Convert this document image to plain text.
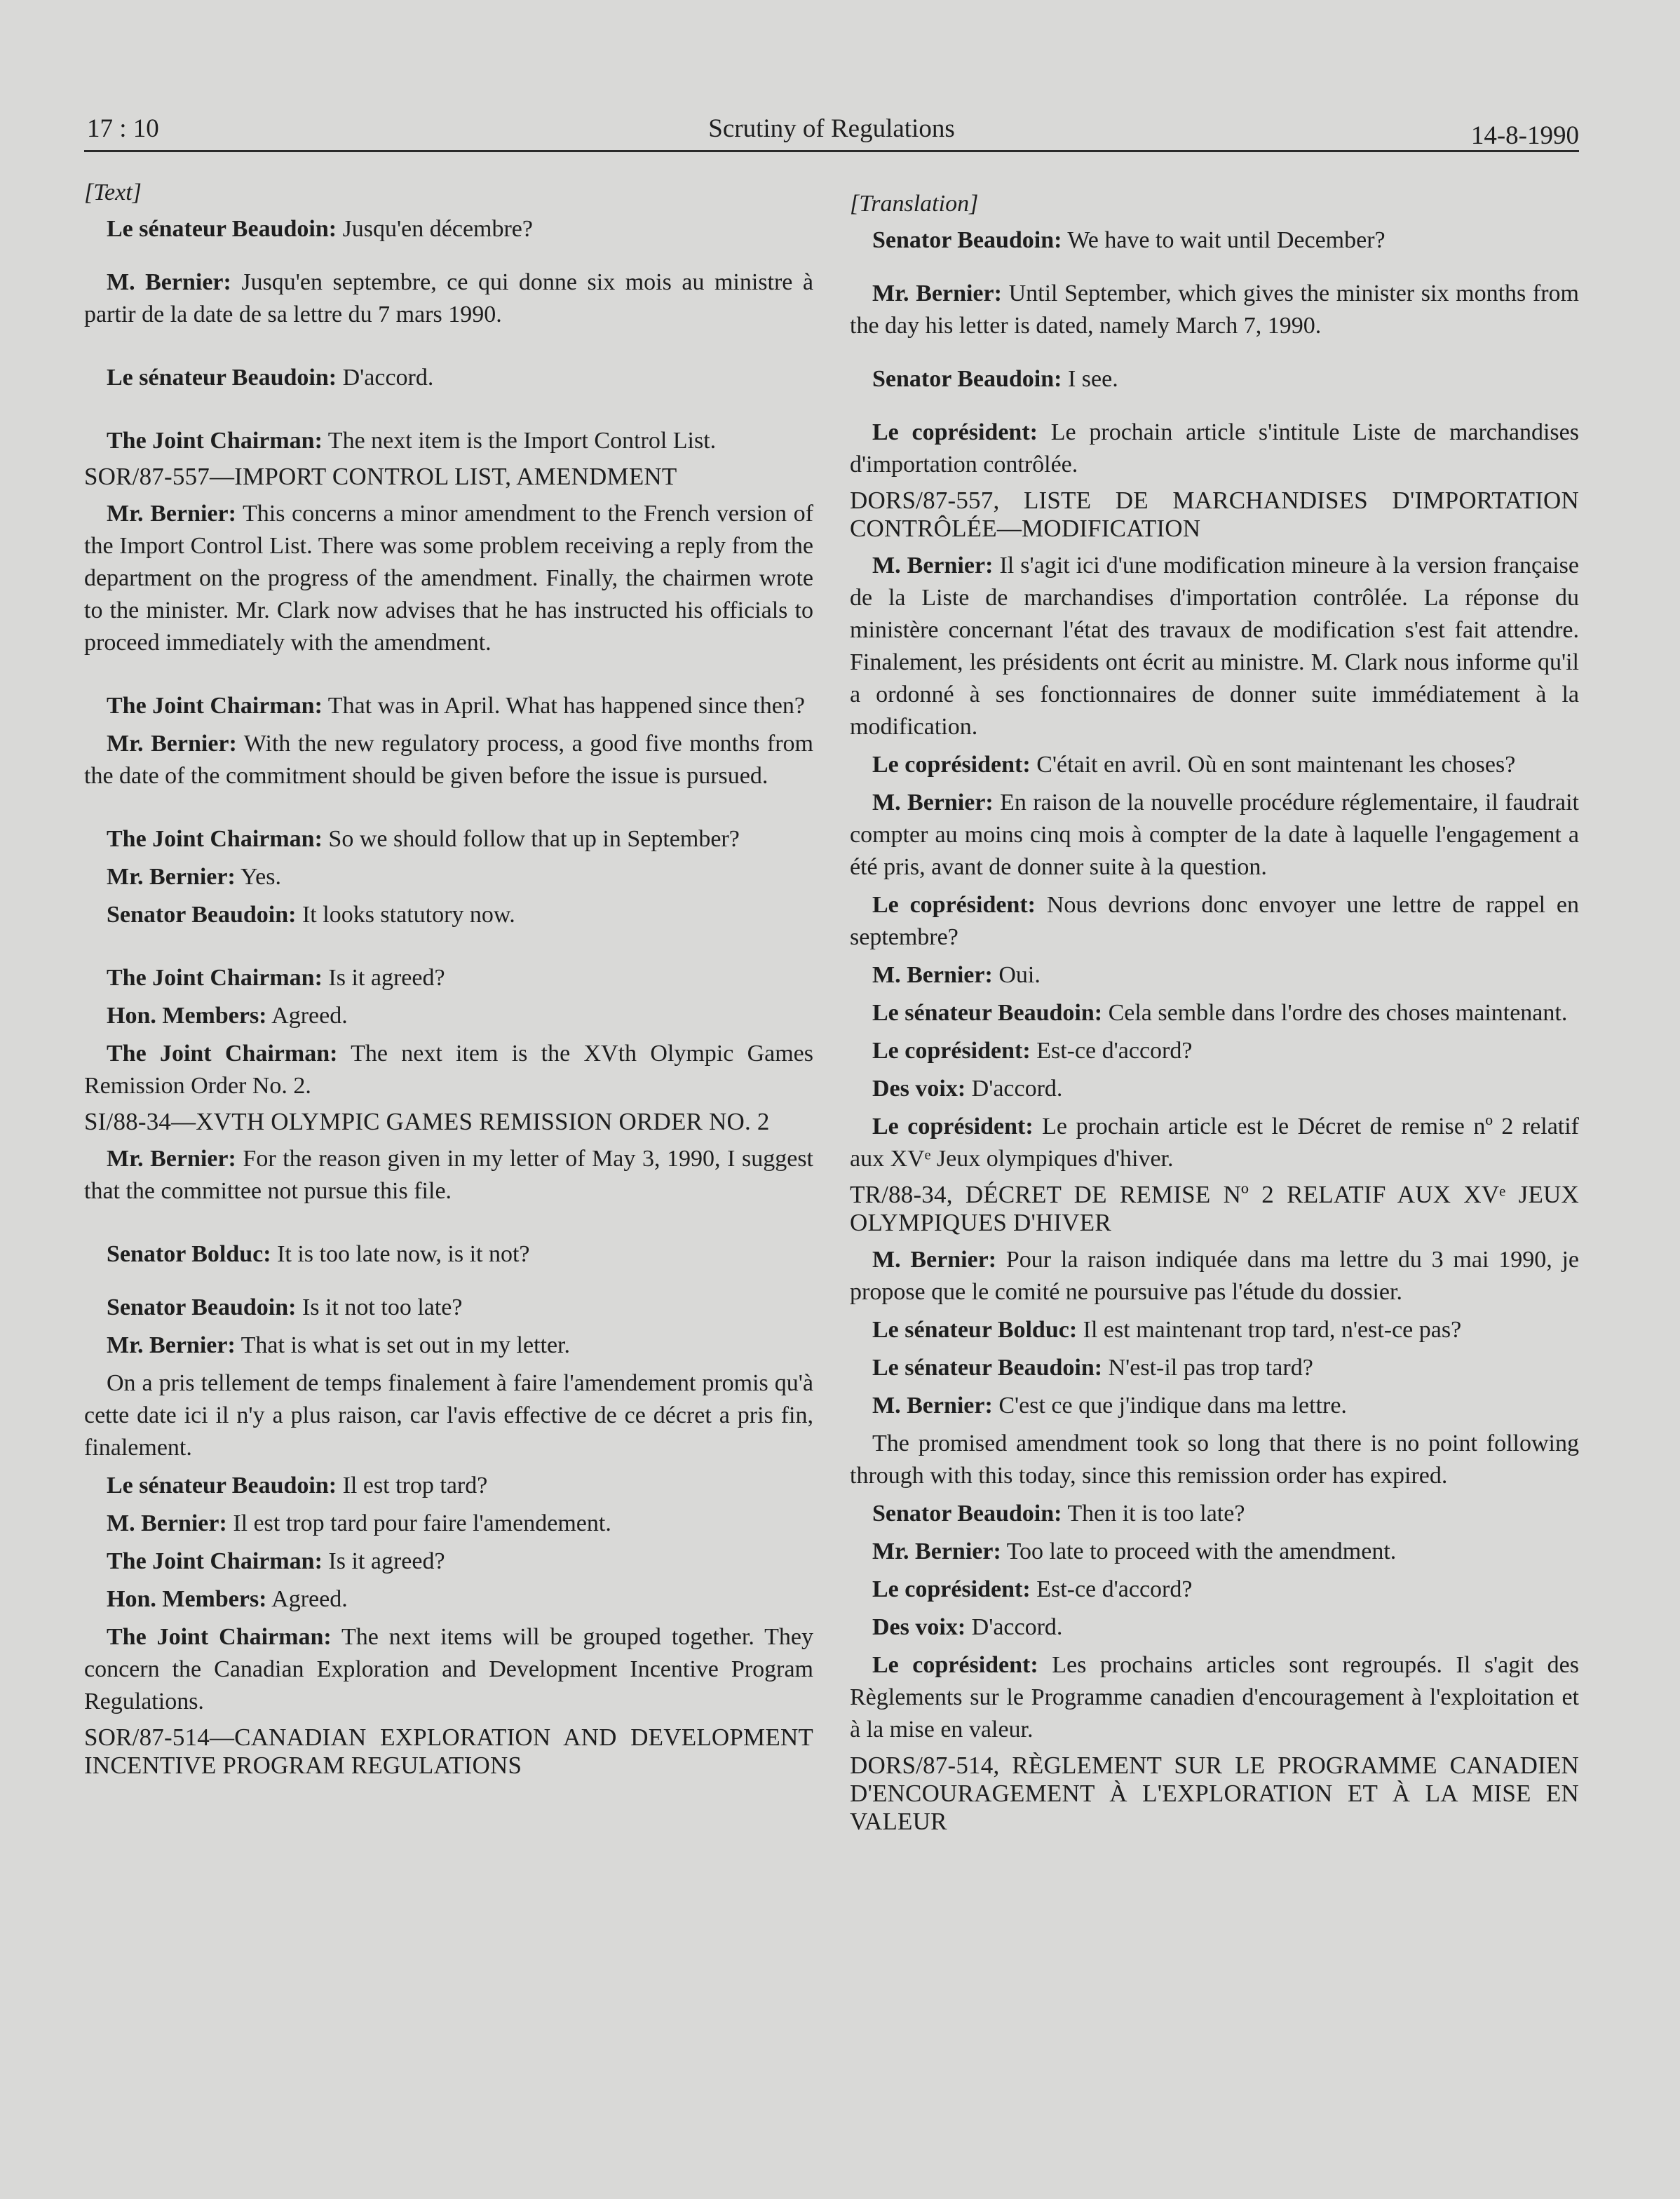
17 : 10	Scrutiny of Regulations	14-8-1990
[Text]

Le sénateur Beaudoin: Jusqu'en décembre?

M. Bernier: Jusqu'en septembre, ce qui donne six mois au ministre à partir de la date de sa lettre du 7 mars 1990.

Le sénateur Beaudoin: D'accord.

The Joint Chairman: The next item is the Import Control List.

SOR/87-557—IMPORT CONTROL LIST, AMENDMENT

Mr. Bernier: This concerns a minor amendment to the French version of the Import Control List. There was some problem receiving a reply from the department on the progress of the amendment. Finally, the chairmen wrote to the minister. Mr. Clark now advises that he has instructed his officials to proceed immediately with the amendment.

The Joint Chairman: That was in April. What has happened since then?

Mr. Bernier: With the new regulatory process, a good five months from the date of the commitment should be given before the issue is pursued.

The Joint Chairman: So we should follow that up in September?

Mr. Bernier: Yes.

Senator Beaudoin: It looks statutory now.

The Joint Chairman: Is it agreed?

Hon. Members: Agreed.

The Joint Chairman: The next item is the XVth Olympic Games Remission Order No. 2.

SI/88-34—XVTH OLYMPIC GAMES REMISSION ORDER NO. 2

Mr. Bernier: For the reason given in my letter of May 3, 1990, I suggest that the committee not pursue this file.

Senator Bolduc: It is too late now, is it not?

Senator Beaudoin: Is it not too late?

Mr. Bernier: That is what is set out in my letter.

On a pris tellement de temps finalement à faire l'amendement promis qu'à cette date ici il n'y a plus raison, car l'avis effective de ce décret a pris fin, finalement.

Le sénateur Beaudoin: Il est trop tard?

M. Bernier: Il est trop tard pour faire l'amendement.

The Joint Chairman: Is it agreed?

Hon. Members: Agreed.

The Joint Chairman: The next items will be grouped together. They concern the Canadian Exploration and Development Incentive Program Regulations.

SOR/87-514—CANADIAN EXPLORATION AND DEVELOPMENT INCENTIVE PROGRAM REGULATIONS
[Translation]

Senator Beaudoin: We have to wait until December?

Mr. Bernier: Until September, which gives the minister six months from the day his letter is dated, namely March 7, 1990.

Senator Beaudoin: I see.

Le coprésident: Le prochain article s'intitule Liste de marchandises d'importation contrôlée.

DORS/87-557, LISTE DE MARCHANDISES D'IMPORTATION CONTRÔLÉE—MODIFICATION

M. Bernier: Il s'agit ici d'une modification mineure à la version française de la Liste de marchandises d'importation contrôlée. La réponse du ministère concernant l'état des travaux de modification s'est fait attendre. Finalement, les présidents ont écrit au ministre. M. Clark nous informe qu'il a ordonné à ses fonctionnaires de donner suite immédiatement à la modification.

Le coprésident: C'était en avril. Où en sont maintenant les choses?

M. Bernier: En raison de la nouvelle procédure réglementaire, il faudrait compter au moins cinq mois à compter de la date à laquelle l'engagement a été pris, avant de donner suite à la question.

Le coprésident: Nous devrions donc envoyer une lettre de rappel en septembre?

M. Bernier: Oui.

Le sénateur Beaudoin: Cela semble dans l'ordre des choses maintenant.

Le coprésident: Est-ce d'accord?

Des voix: D'accord.

Le coprésident: Le prochain article est le Décret de remise nº 2 relatif aux XVᵉ Jeux olympiques d'hiver.

TR/88-34, DÉCRET DE REMISE Nº 2 RELATIF AUX XVᵉ JEUX OLYMPIQUES D'HIVER

M. Bernier: Pour la raison indiquée dans ma lettre du 3 mai 1990, je propose que le comité ne poursuive pas l'étude du dossier.

Le sénateur Bolduc: Il est maintenant trop tard, n'est-ce pas?

Le sénateur Beaudoin: N'est-il pas trop tard?

M. Bernier: C'est ce que j'indique dans ma lettre.

The promised amendment took so long that there is no point following through with this today, since this remission order has expired.

Senator Beaudoin: Then it is too late?

Mr. Bernier: Too late to proceed with the amendment.

Le coprésident: Est-ce d'accord?

Des voix: D'accord.

Le coprésident: Les prochains articles sont regroupés. Il s'agit des Règlements sur le Programme canadien d'encouragement à l'exploitation et à la mise en valeur.

DORS/87-514, RÈGLEMENT SUR LE PROGRAMME CANADIEN D'ENCOURAGEMENT À L'EXPLORATION ET À LA MISE EN VALEUR
